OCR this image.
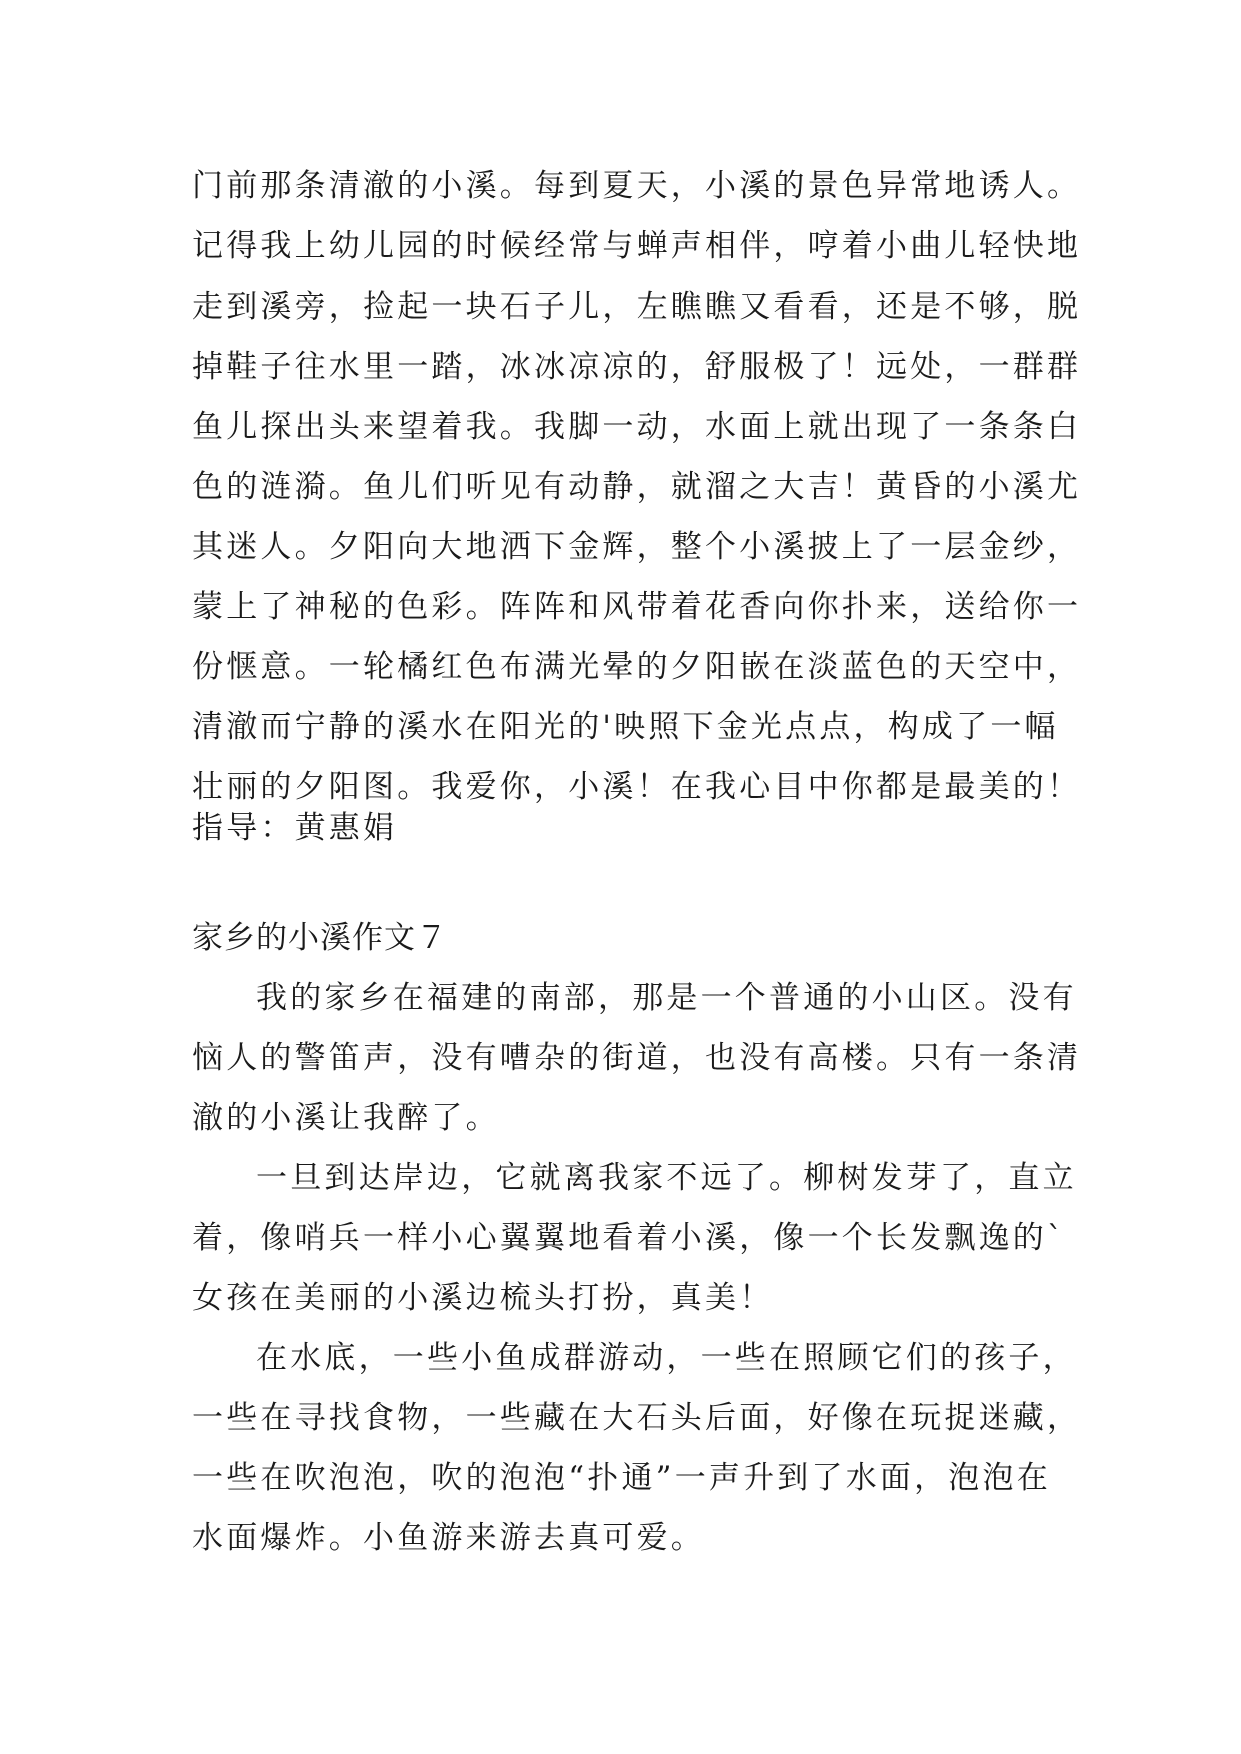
门前那条清澈的小溪。每到夏天，小溪的景色异常地诱人。
记得我上幼儿园的时候经常与蝉声相伴，哼着小曲儿轻快地
走到溪旁，捡起一块石子儿，左瞧瞧又看看，还是不够，脱
掉鞋子往水里一踏，冰冰凉凉的，舒服极了！远处，一群群
鱼儿探出头来望着我。我脚一动，水面上就出现了一条条白
色的涟漪。鱼儿们听见有动静，就溜之大吉！黄昏的小溪尤
其迷人。夕阳向大地洒下金辉，整个小溪披上了一层金纱，
蒙上了神秘的色彩。阵阵和风带着花香向你扑来，送给你一
份惬意。一轮橘红色布满光晕的夕阳嵌在淡蓝色的天空中，
清澈而宁静的溪水在阳光的'映照下金光点点，构成了一幅
壮丽的夕阳图。我爱你，小溪！在我心目中你都是最美的！
指导：黄惠娟
家乡的小溪作文７
我的家乡在福建的南部，那是一个普通的小山区。没有
恼人的警笛声，没有嘈杂的街道，也没有高楼。只有一条清
澈的小溪让我醉了。
一旦到达岸边，它就离我家不远了。柳树发芽了，直立
着，像哨兵一样小心翼翼地看着小溪，像一个长发飘逸的`
女孩在美丽的小溪边梳头打扮，真美！
在水底，一些小鱼成群游动，一些在照顾它们的孩子，
一些在寻找食物，一些藏在大石头后面，好像在玩捉迷藏，
一些在吹泡泡，吹的泡泡“扑通”一声升到了水面，泡泡在
水面爆炸。小鱼游来游去真可爱。
